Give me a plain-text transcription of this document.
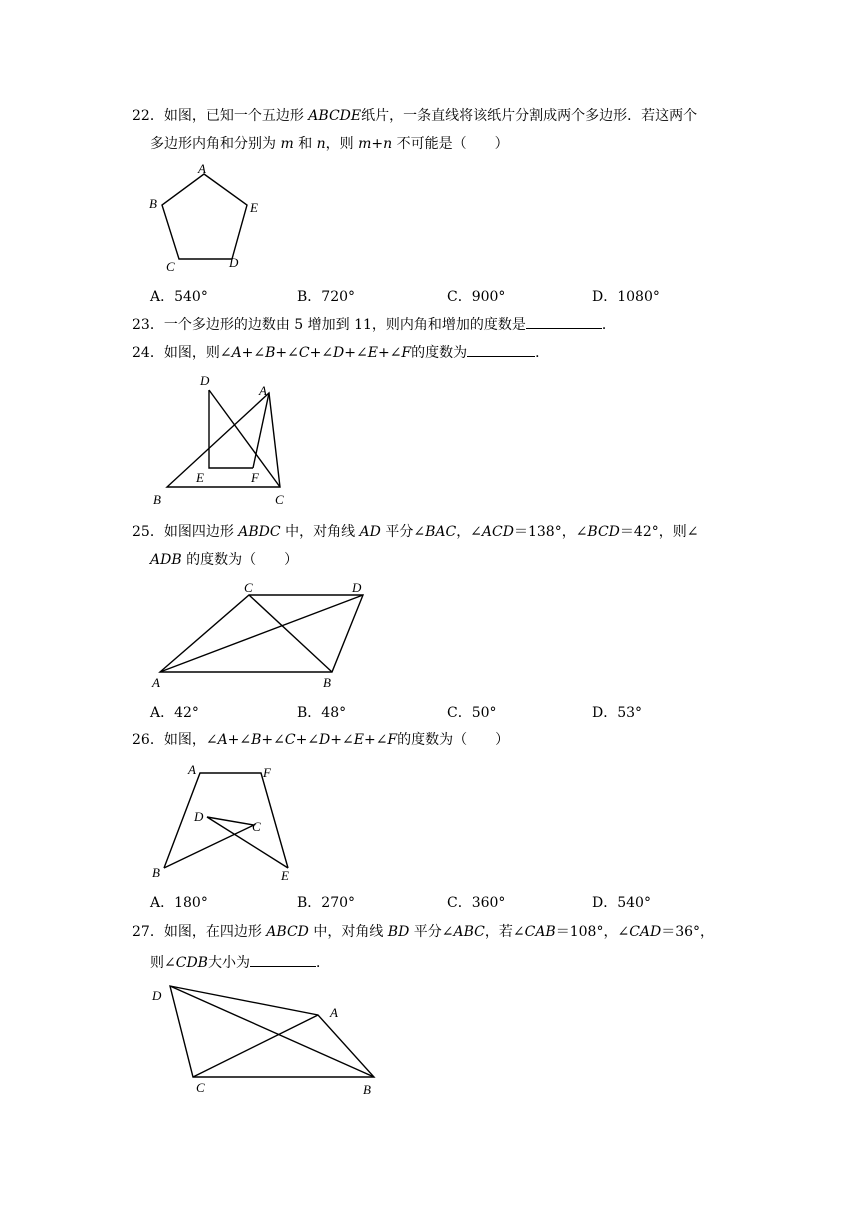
22．如图，已知一个五边形 ABCDE纸片，一条直线将该纸片分割成两个多边形．若这两个
多边形内角和分别为 m 和 n，则 m+n 不可能是（　　）
A
B	E
C	D
A．540°	B．720°	C．900°	D．1080°
23．一个多边形的边数由 5 增加到 11，则内角和增加的度数是	．
24．如图，则∠A+∠B+∠C+∠D+∠E+∠F的度数为	．
D
A
E	F
B	C
25．如图四边形 ABDC 中，对角线 AD 平分∠BAC，∠ACD＝138°，∠BCD＝42°，则∠
ADB 的度数为（　　）
C	D
A	B
A．42°	B．48°	C．50°	D．53°
26．如图，∠A+∠B+∠C+∠D+∠E+∠F的度数为（　　）
A	F
D
C
B	E
A．180°	B．270°	C．360°	D．540°
27．如图，在四边形 ABCD 中，对角线 BD 平分∠ABC，若∠CAB＝108°，∠CAD＝36°，
则∠CDB大小为	．
D
A
C	B
